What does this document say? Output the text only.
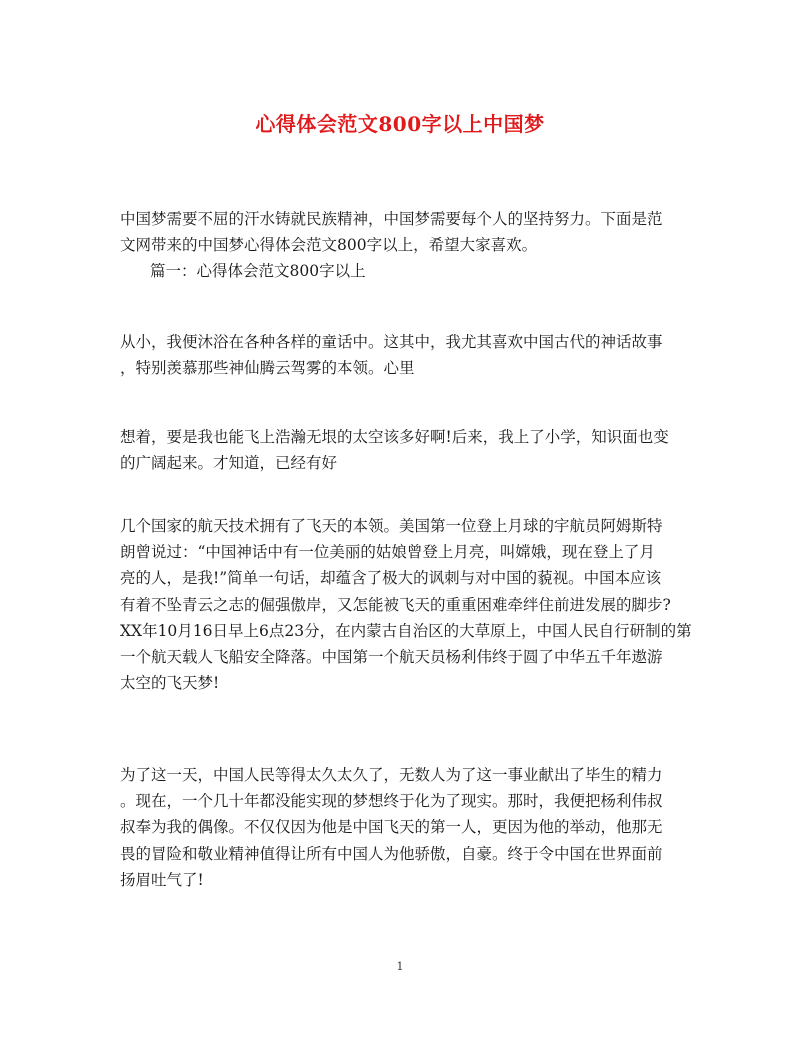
心得体会范文800字以上中国梦

中国梦需要不屈的汗水铸就民族精神，中国梦需要每个人的坚持努力。下面是范

文网带来的中国梦心得体会范文800字以上，希望大家喜欢。

篇一：心得体会范文800字以上

从小，我便沐浴在各种各样的童话中。这其中，我尤其喜欢中国古代的神话故事

，特别羡慕那些神仙腾云驾雾的本领。心里

想着，要是我也能飞上浩瀚无垠的太空该多好啊!后来，我上了小学，知识面也变

的广阔起来。才知道，已经有好

几个国家的航天技术拥有了飞天的本领。美国第一位登上月球的宇航员阿姆斯特

朗曾说过：“中国神话中有一位美丽的姑娘曾登上月亮，叫嫦娥，现在登上了月

亮的人，是我!”简单一句话，却蕴含了极大的讽刺与对中国的藐视。中国本应该

有着不坠青云之志的倔强傲岸，又怎能被飞天的重重困难牵绊住前进发展的脚步?

XX年10月16日早上6点23分，在内蒙古自治区的大草原上，中国人民自行研制的第

一个航天载人飞船安全降落。中国第一个航天员杨利伟终于圆了中华五千年遨游

太空的飞天梦!

为了这一天，中国人民等得太久太久了，无数人为了这一事业献出了毕生的精力

。现在，一个几十年都没能实现的梦想终于化为了现实。那时，我便把杨利伟叔

叔奉为我的偶像。不仅仅因为他是中国飞天的第一人，更因为他的举动，他那无

畏的冒险和敬业精神值得让所有中国人为他骄傲，自豪。终于令中国在世界面前

扬眉吐气了!

1
